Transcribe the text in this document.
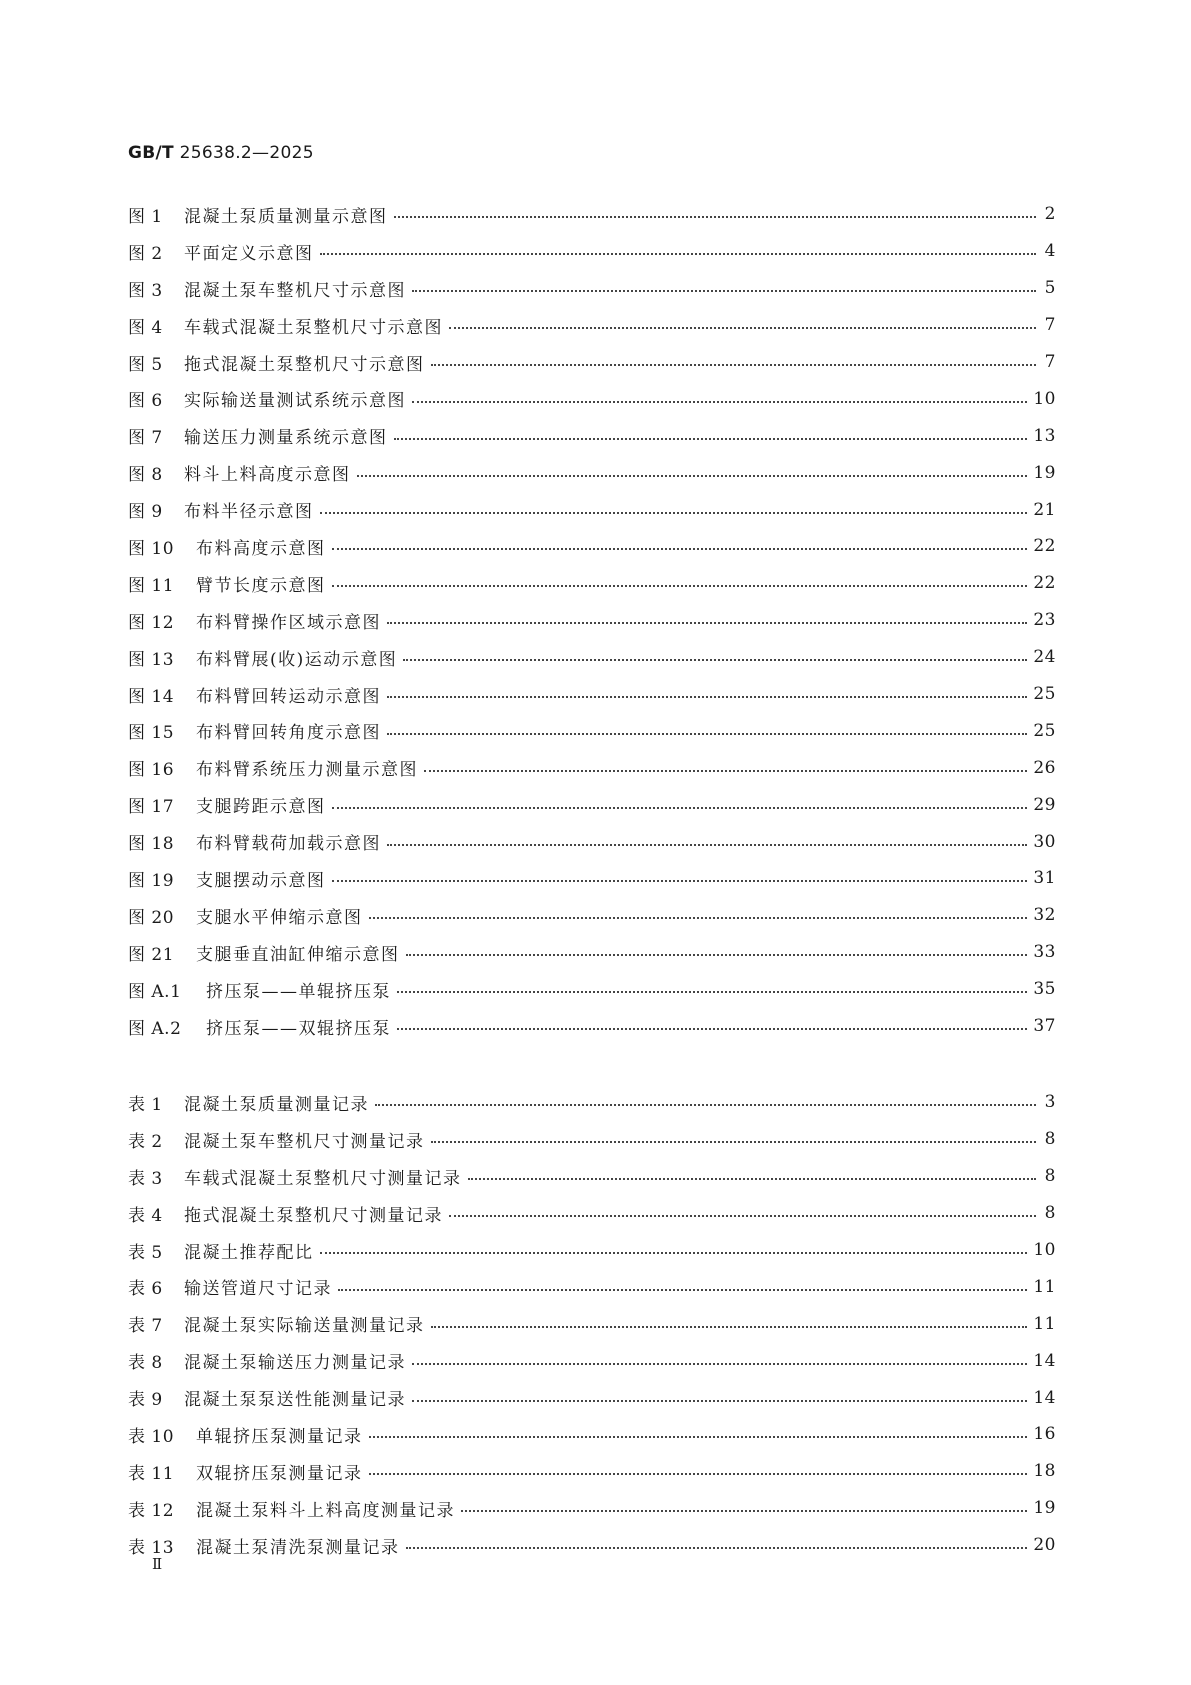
GB/T 25638.2—2025
图 1	混凝土泵质量测量示意图	2
图 2	平面定义示意图	4
图 3	混凝土泵车整机尺寸示意图	5
图 4	车载式混凝土泵整机尺寸示意图	7
图 5	拖式混凝土泵整机尺寸示意图	7
图 6	实际输送量测试系统示意图	10
图 7	输送压力测量系统示意图	13
图 8	料斗上料高度示意图	19
图 9	布料半径示意图	21
图 10	布料高度示意图	22
图 11	臂节长度示意图	22
图 12	布料臂操作区域示意图	23
图 13	布料臂展(收)运动示意图	24
图 14	布料臂回转运动示意图	25
图 15	布料臂回转角度示意图	25
图 16	布料臂系统压力测量示意图	26
图 17	支腿跨距示意图	29
图 18	布料臂载荷加载示意图	30
图 19	支腿摆动示意图	31
图 20	支腿水平伸缩示意图	32
图 21	支腿垂直油缸伸缩示意图	33
图 A.1	挤压泵——单辊挤压泵	35
图 A.2	挤压泵——双辊挤压泵	37
表 1	混凝土泵质量测量记录	3
表 2	混凝土泵车整机尺寸测量记录	8
表 3	车载式混凝土泵整机尺寸测量记录	8
表 4	拖式混凝土泵整机尺寸测量记录	8
表 5	混凝土推荐配比	10
表 6	输送管道尺寸记录	11
表 7	混凝土泵实际输送量测量记录	11
表 8	混凝土泵输送压力测量记录	14
表 9	混凝土泵泵送性能测量记录	14
表 10	单辊挤压泵测量记录	16
表 11	双辊挤压泵测量记录	18
表 12	混凝土泵料斗上料高度测量记录	19
表 13	混凝土泵清洗泵测量记录	20
Ⅱ
